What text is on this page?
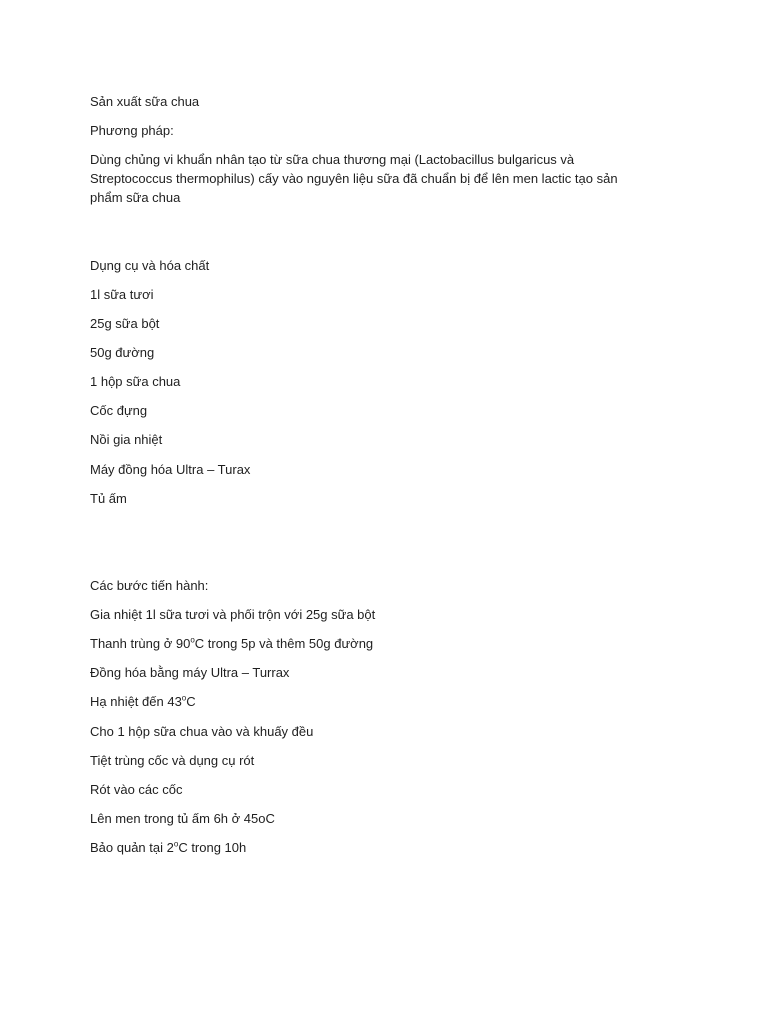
Sản xuất sữa chua

Phương pháp:

Dùng chủng vi khuẩn nhân tạo từ sữa chua thương mại (Lactobacillus bulgaricus và Streptococcus thermophilus) cấy vào nguyên liệu sữa đã chuẩn bị để lên men lactic tạo sản phẩm sữa chua

Dụng cụ và hóa chất

1l sữa tươi

25g sữa bột

50g đường

1 hộp sữa chua

Cốc đựng

Nồi gia nhiệt

Máy đồng hóa Ultra – Turax

Tủ ấm

Các bước tiến hành:

Gia nhiệt 1l sữa tươi và phối trộn với 25g sữa bột

Thanh trùng ở 90$^o$C trong 5p và thêm 50g đường

Đồng hóa bằng máy Ultra – Turrax

Hạ nhiệt đến 43$^o$C

Cho 1 hộp sữa chua vào và khuấy đều

Tiệt trùng cốc và dụng cụ rót

Rót vào các cốc

Lên men trong tủ ấm 6h ở 45oC

Bảo quản tại 2$^o$C trong 10h
